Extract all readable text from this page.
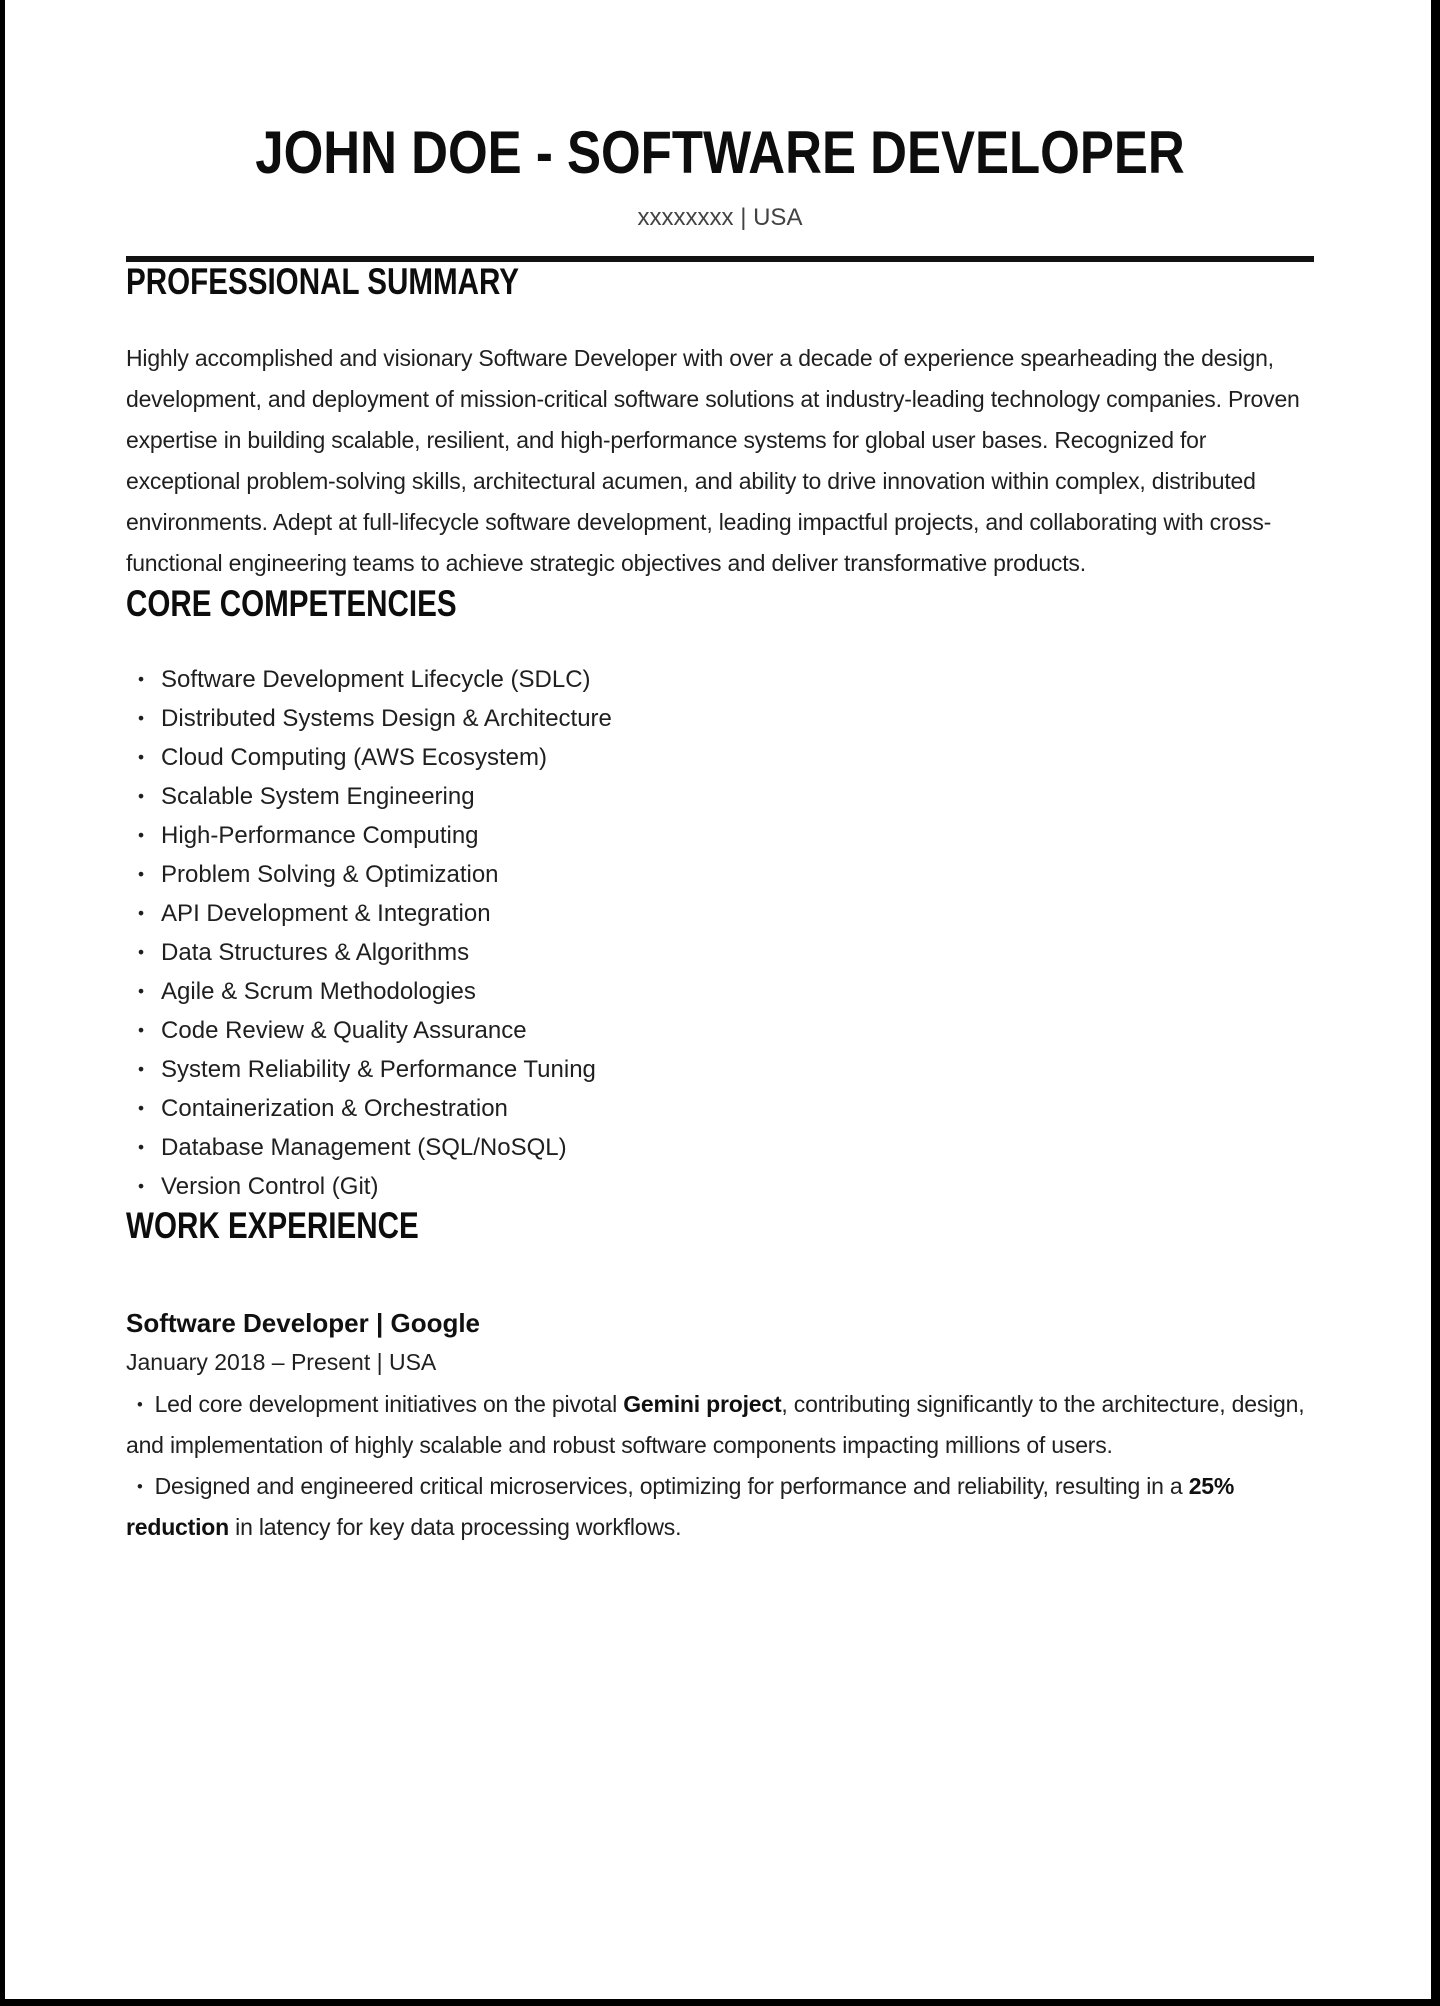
JOHN DOE - SOFTWARE DEVELOPER
xxxxxxxx | USA
PROFESSIONAL SUMMARY

Highly accomplished and visionary Software Developer with over a decade of experience spearheading the design, development, and deployment of mission-critical software solutions at industry-leading technology companies. Proven expertise in building scalable, resilient, and high-performance systems for global user bases. Recognized for exceptional problem-solving skills, architectural acumen, and ability to drive innovation within complex, distributed environments. Adept at full-lifecycle software development, leading impactful projects, and collaborating with cross-functional engineering teams to achieve strategic objectives and deliver transformative products.

CORE COMPETENCIES
• Software Development Lifecycle (SDLC)
• Distributed Systems Design & Architecture
• Cloud Computing (AWS Ecosystem)
• Scalable System Engineering
• High-Performance Computing
• Problem Solving & Optimization
• API Development & Integration
• Data Structures & Algorithms
• Agile & Scrum Methodologies
• Code Review & Quality Assurance
• System Reliability & Performance Tuning
• Containerization & Orchestration
• Database Management (SQL/NoSQL)
• Version Control (Git)
WORK EXPERIENCE
Software Developer | Google
January 2018 – Present | USA
• Led core development initiatives on the pivotal Gemini project, contributing significantly to the architecture, design, and implementation of highly scalable and robust software components impacting millions of users.
• Designed and engineered critical microservices, optimizing for performance and reliability, resulting in a 25% reduction in latency for key data processing workflows.
